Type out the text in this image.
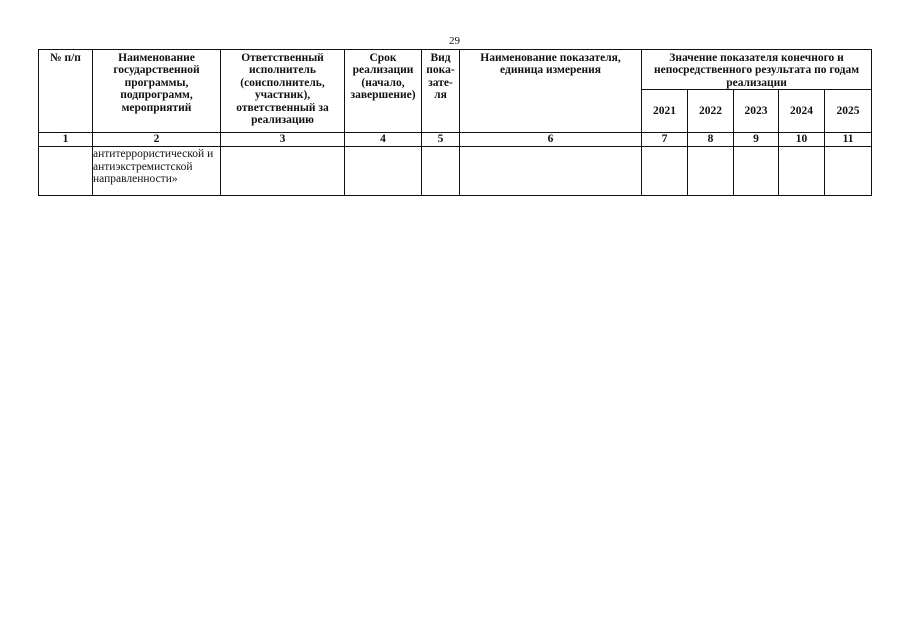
29
№ п/п	Наименование государственной программы, подпрограмм, мероприятий	Ответственный исполнитель (соисполнитель, участник), ответственный за реализацию	Срок реализации (начало, завершение)	Вид пока-зате-ля	Наименование показателя, единица измерения	Значение показателя конечного и непосредственного результата по годам реализации				
						2021	2022	2023	2024	2025
1	2	3	4	5	6	7	8	9	10	11
	антитеррористической и антиэкстремистской направленности»									
